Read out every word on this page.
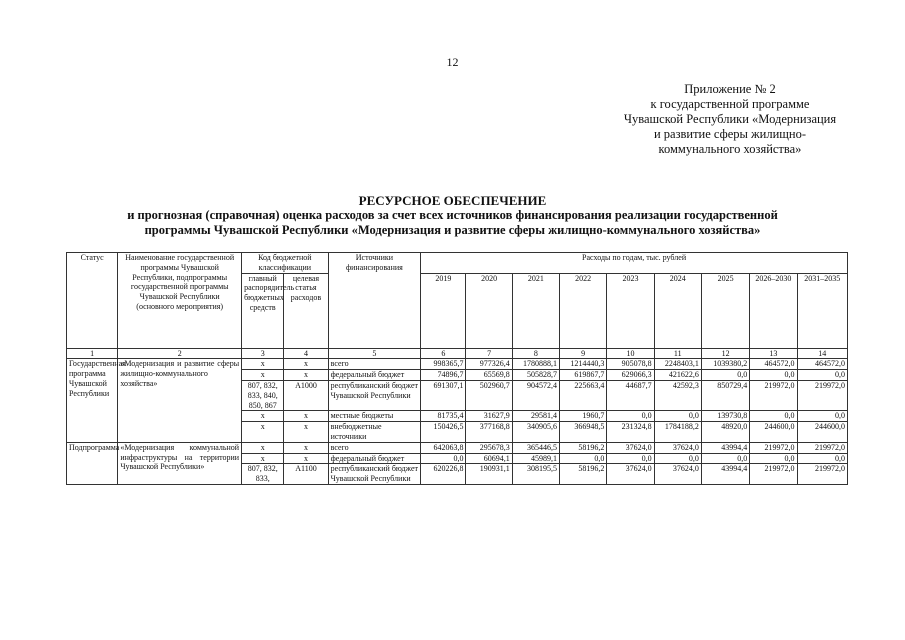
12
Приложение № 2
к государственной программе
Чувашской Республики «Модернизация
и развитие сферы жилищно-
коммунального хозяйства»
РЕСУРСНОЕ ОБЕСПЕЧЕНИЕ
и прогнозная (справочная) оценка расходов за счет всех источников финансирования реализации государственной
программы Чувашской Республики «Модернизация и развитие сферы жилищно-коммунального хозяйства»
Статус	Наименование государственной программы Чувашской Республики, подпрограммы государственной программы Чувашской Республики (основного мероприятия)	Код бюджетной классификации		Источники финансирования	Расходы по годам, тыс. рублей								
		главный распорядитель бюджетных средств	целевая статья расходов		2019	2020	2021	2022	2023	2024	2025	2026–2030	2031–2035
1	2	3	4	5	6	7	8	9	10	11	12	13	14
Государственная программа Чувашской Республики	«Модернизация и развитие сферы жилищно-коммунального хозяйства»	х	х	всего	998365,7	977326,4	1780888,1	1214440,3	905078,8	2248403,1	1039380,2	464572,0	464572,0
		х	х	федеральный бюджет	74896,7	65569,8	505828,7	619867,7	629066,3	421622,6	0,0	0,0	0,0
		807, 832, 833, 840, 850, 867	А1000	республиканский бюджет Чувашской Республики	691307,1	502960,7	904572,4	225663,4	44687,7	42592,3	850729,4	219972,0	219972,0
		х	х	местные бюджеты	81735,4	31627,9	29581,4	1960,7	0,0	0,0	139730,8	0,0	0,0
		х	х	внебюджетные источники	150426,5	377168,8	340905,6	366948,5	231324,8	1784188,2	48920,0	244600,0	244600,0
Подпрограмма	«Модернизация коммунальной инфраструктуры на территории Чувашской Республики»	х	х	всего	642063,8	295678,3	365446,5	58196,2	37624,0	37624,0	43994,4	219972,0	219972,0
		х	х	федеральный бюджет	0,0	60694,1	45989,1	0,0	0,0	0,0	0,0	0,0	0,0
		807, 832, 833,	А1100	республиканский бюджет Чувашской Республики	620226,8	190931,1	308195,5	58196,2	37624,0	37624,0	43994,4	219972,0	219972,0
